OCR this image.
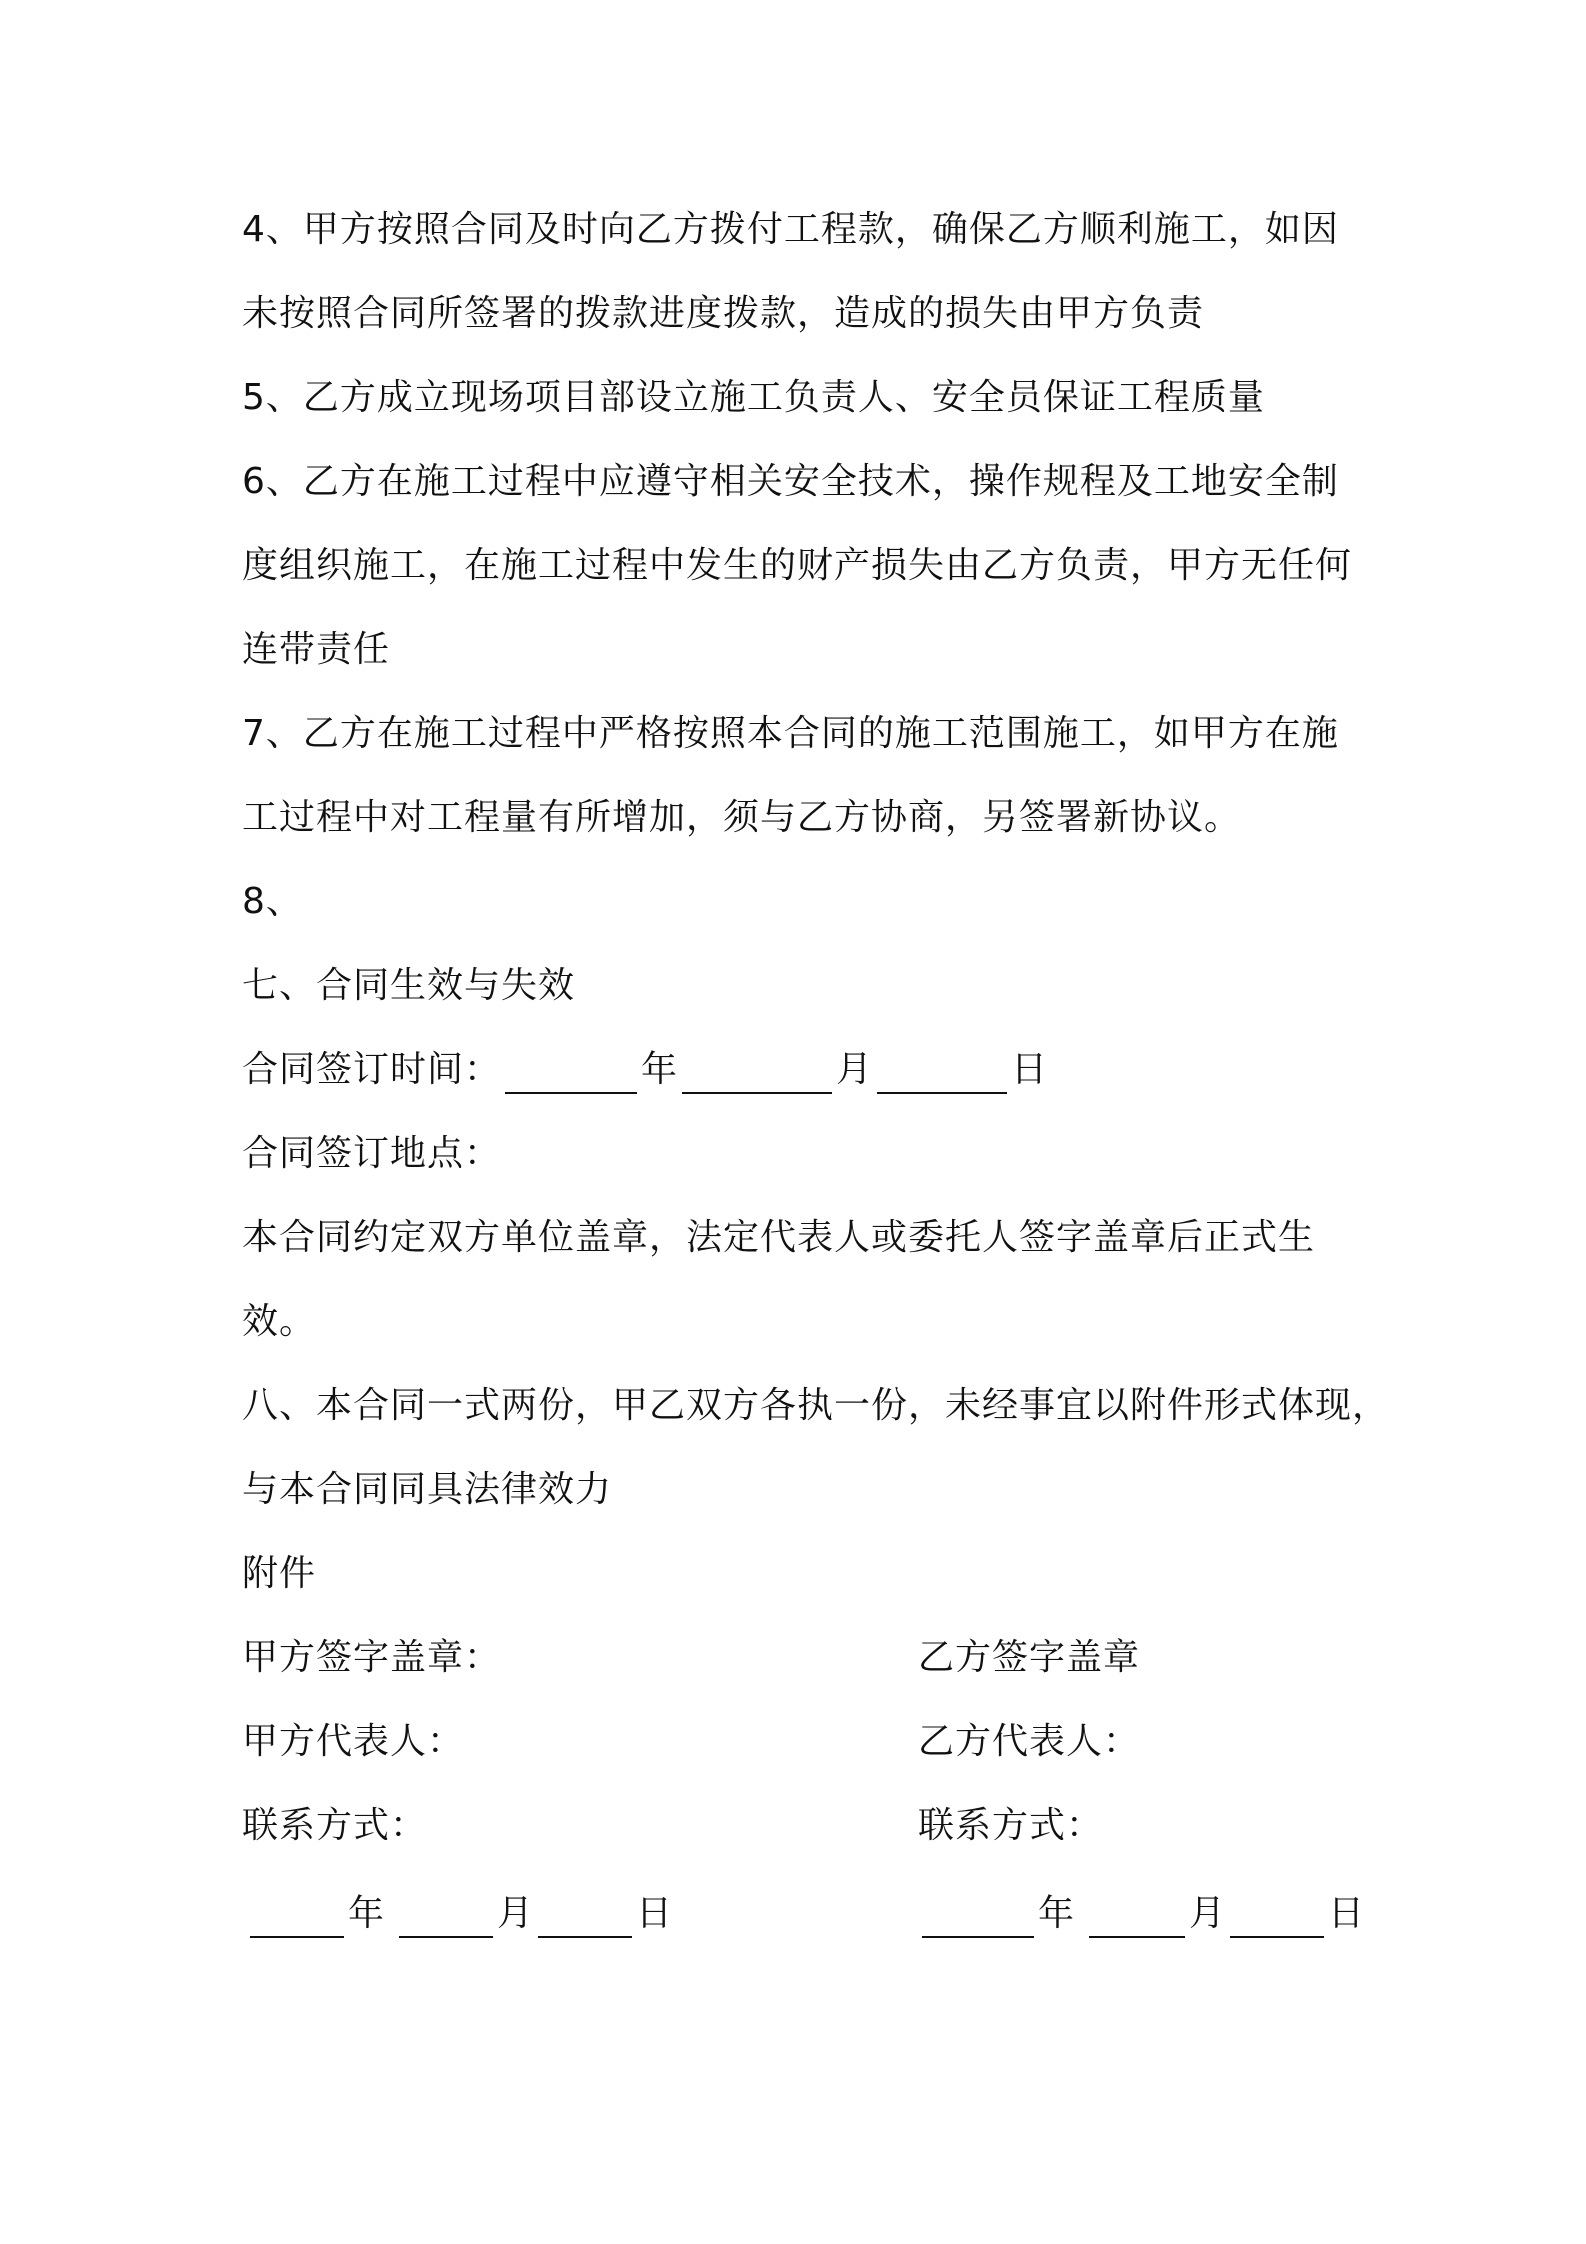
4、甲方按照合同及时向乙方拨付工程款，确保乙方顺利施工，如因
未按照合同所签署的拨款进度拨款，造成的损失由甲方负责
5、乙方成立现场项目部设立施工负责人、安全员保证工程质量
6、乙方在施工过程中应遵守相关安全技术，操作规程及工地安全制
度组织施工，在施工过程中发生的财产损失由乙方负责，甲方无任何
连带责任
7、乙方在施工过程中严格按照本合同的施工范围施工，如甲方在施
工过程中对工程量有所增加，须与乙方协商，另签署新协议。
8、
七、合同生效与失效
合同签订时间：	年	月	日
合同签订地点：
本合同约定双方单位盖章，法定代表人或委托人签字盖章后正式生
效。
八、本合同一式两份，甲乙双方各执一份，未经事宜以附件形式体现，
与本合同同具法律效力
附件
甲方签字盖章：	乙方签字盖章
甲方代表人：	乙方代表人：
联系方式：	联系方式：
年	月	日	年	月	日
